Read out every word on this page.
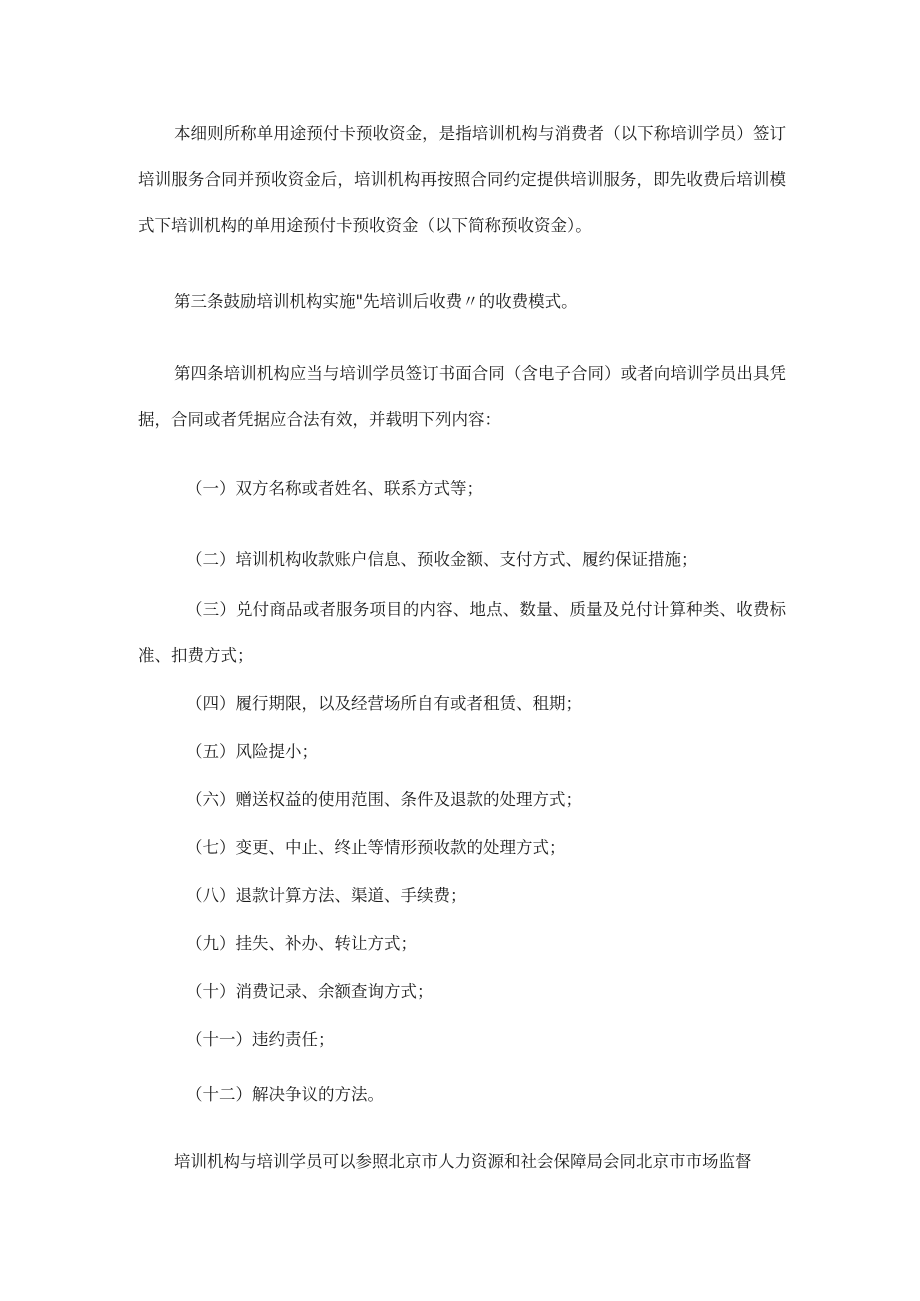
本细则所称单用途预付卡预收资金，是指培训机构与消费者（以下称培训学员）签订培训服务合同并预收资金后，培训机构再按照合同约定提供培训服务，即先收费后培训模式下培训机构的单用途预付卡预收资金（以下简称预收资金）。

第三条鼓励培训机构实施"先培训后收费〃的收费模式。

第四条培训机构应当与培训学员签订书面合同（含电子合同）或者向培训学员出具凭据，合同或者凭据应合法有效，并载明下列内容：

（一）双方名称或者姓名、联系方式等；

（二）培训机构收款账户信息、预收金额、支付方式、履约保证措施；

（三）兑付商品或者服务项目的内容、地点、数量、质量及兑付计算种类、收费标准、扣费方式；

（四）履行期限，以及经营场所自有或者租赁、租期；

（五）风险提小；

（六）赠送权益的使用范围、条件及退款的处理方式；

（七）变更、中止、终止等情形预收款的处理方式；

（八）退款计算方法、渠道、手续费；

（九）挂失、补办、转让方式；

（十）消费记录、余额查询方式；

（十一）违约责任；

（十二）解决争议的方法。

培训机构与培训学员可以参照北京市人力资源和社会保障局会同北京市市场监督
